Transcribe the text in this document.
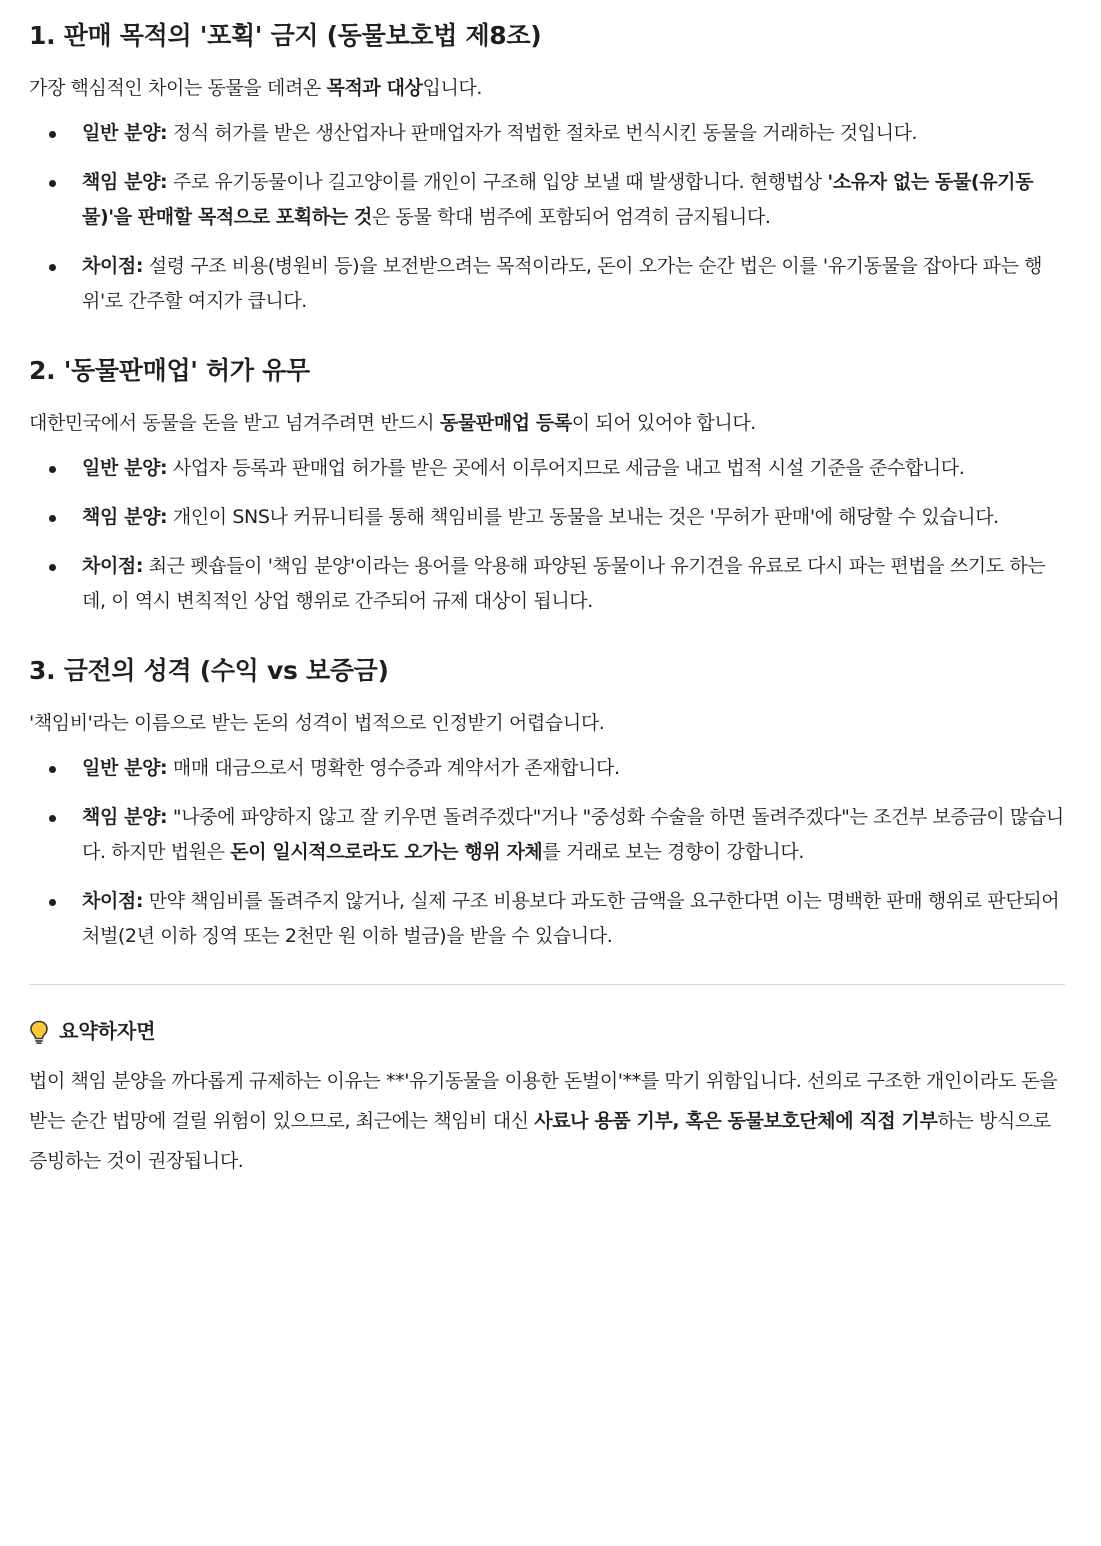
1. 판매 목적의 '포획' 금지 (동물보호법 제8조)

가장 핵심적인 차이는 동물을 데려온 목적과 대상입니다.

일반 분양: 정식 허가를 받은 생산업자나 판매업자가 적법한 절차로 번식시킨 동물을 거래하는 것입니다.
책임 분양: 주로 유기동물이나 길고양이를 개인이 구조해 입양 보낼 때 발생합니다. 현행법상 '소유자 없는 동물(유기동물)'을 판매할 목적으로 포획하는 것은 동물 학대 범주에 포함되어 엄격히 금지됩니다.
차이점: 설령 구조 비용(병원비 등)을 보전받으려는 목적이라도, 돈이 오가는 순간 법은 이를 '유기동물을 잡아다 파는 행위'로 간주할 여지가 큽니다.
2. '동물판매업' 허가 유무

대한민국에서 동물을 돈을 받고 넘겨주려면 반드시 동물판매업 등록이 되어 있어야 합니다.

일반 분양: 사업자 등록과 판매업 허가를 받은 곳에서 이루어지므로 세금을 내고 법적 시설 기준을 준수합니다.
책임 분양: 개인이 SNS나 커뮤니티를 통해 책임비를 받고 동물을 보내는 것은 '무허가 판매'에 해당할 수 있습니다.
차이점: 최근 펫숍들이 '책임 분양'이라는 용어를 악용해 파양된 동물이나 유기견을 유료로 다시 파는 편법을 쓰기도 하는데, 이 역시 변칙적인 상업 행위로 간주되어 규제 대상이 됩니다.
3. 금전의 성격 (수익 vs 보증금)

'책임비'라는 이름으로 받는 돈의 성격이 법적으로 인정받기 어렵습니다.

일반 분양: 매매 대금으로서 명확한 영수증과 계약서가 존재합니다.
책임 분양: "나중에 파양하지 않고 잘 키우면 돌려주겠다"거나 "중성화 수술을 하면 돌려주겠다"는 조건부 보증금이 많습니다. 하지만 법원은 돈이 일시적으로라도 오가는 행위 자체를 거래로 보는 경향이 강합니다.
차이점: 만약 책임비를 돌려주지 않거나, 실제 구조 비용보다 과도한 금액을 요구한다면 이는 명백한 판매 행위로 판단되어 처벌(2년 이하 징역 또는 2천만 원 이하 벌금)을 받을 수 있습니다.
요약하자면

법이 책임 분양을 까다롭게 규제하는 이유는 **'유기동물을 이용한 돈벌이'**를 막기 위함입니다. 선의로 구조한 개인이라도 돈을 받는 순간 법망에 걸릴 위험이 있으므로, 최근에는 책임비 대신 사료나 용품 기부, 혹은 동물보호단체에 직접 기부하는 방식으로 증빙하는 것이 권장됩니다.
